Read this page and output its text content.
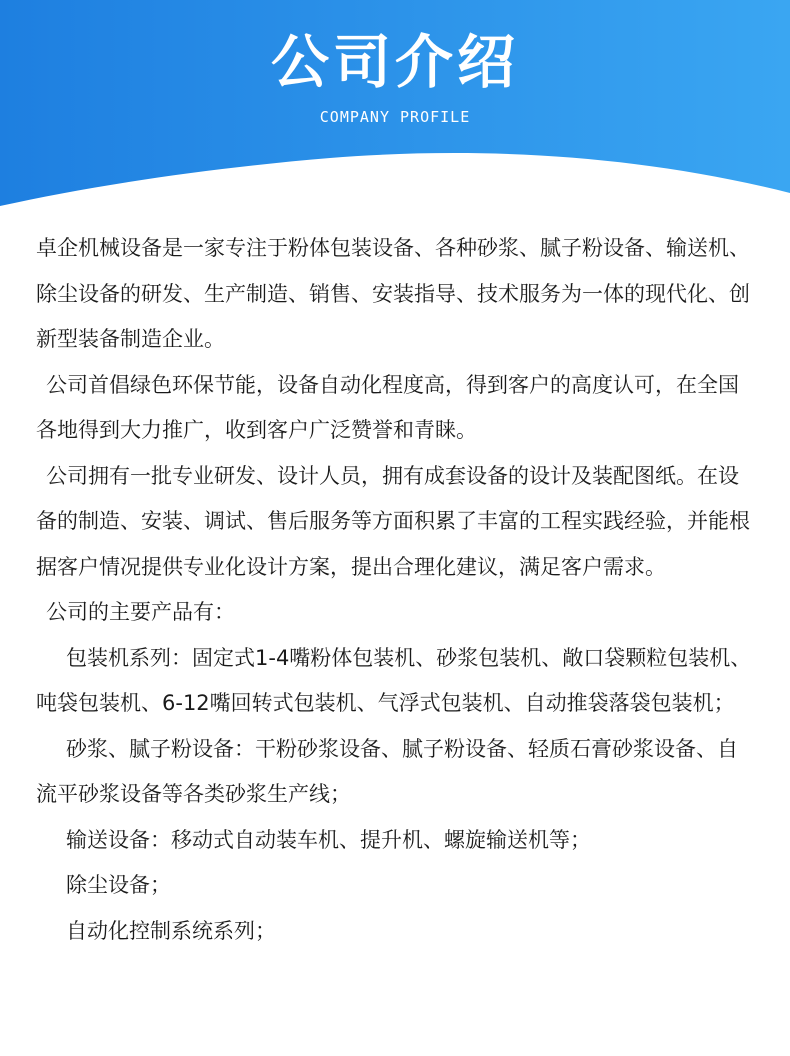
公司介绍
COMPANY PROFILE

卓企机械设备是一家专注于粉体包装设备、各种砂浆、腻子粉设备、输送机、除尘设备的研发、生产制造、销售、安装指导、技术服务为一体的现代化、创新型装备制造企业。

公司首倡绿色环保节能，设备自动化程度高，得到客户的高度认可，在全国各地得到大力推广，收到客户广泛赞誉和青睐。

公司拥有一批专业研发、设计人员，拥有成套设备的设计及装配图纸。在设备的制造、安装、调试、售后服务等方面积累了丰富的工程实践经验，并能根据客户情况提供专业化设计方案，提出合理化建议，满足客户需求。

公司的主要产品有：

包装机系列：固定式1-4嘴粉体包装机、砂浆包装机、敞口袋颗粒包装机、吨袋包装机、6-12嘴回转式包装机、气浮式包装机、自动推袋落袋包装机；

砂浆、腻子粉设备：干粉砂浆设备、腻子粉设备、轻质石膏砂浆设备、自流平砂浆设备等各类砂浆生产线；

输送设备：移动式自动装车机、提升机、螺旋输送机等；

除尘设备；

自动化控制系统系列；
